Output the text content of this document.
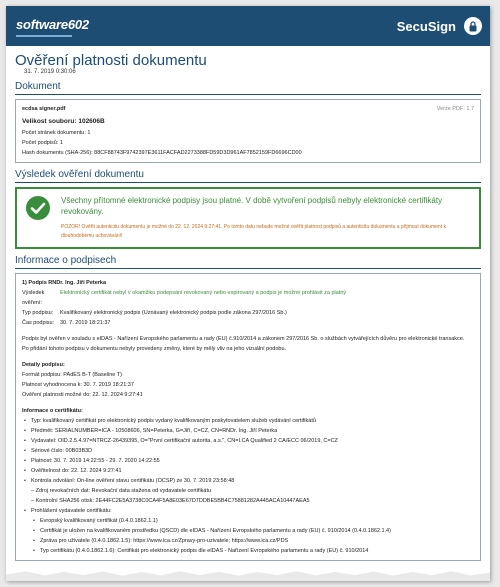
software602	SecuSign
Ověření platnosti dokumentu
31. 7. 2019 0:30:06
Dokument
ecdsa signer.pdf	Verze PDF: 1.7
Velikost souboru: 102606B
Počet stránek dokumentu: 1
Počet podpisů: 1
Hash dokumentu (SHA-256): 88CF88743F9742397E3611FACFAD2273388FD59D3D961AF7852159FD6696CD00
Výsledek ověření dokumentu
Všechny přítomné elektronické podpisy jsou platné. V době vytvoření podpisů nebyly elektronické certifikáty revokovány.
POZOR! Ověřit autenticitu dokumentu je možné do 22. 12. 2024 9:27:41. Po tomto datu nebude možné ověřit platnost podpisů a autenticitu dokumentu a přijmout dokument k dlouhodobému uchovávání!
Informace o podpisech
1) Podpis RNDr. Ing. Jiří Peterka
Výsledek ověření:
Elektronický certifikát nebyl v okamžiku podepsání revokovaný nebo expirovaný a podpis je možné prohlásit za platný
Typ podpisu:	Kvalifikovaný elektronický podpis (Uznávaný elektronický podpis podle zákona 297/2016 Sb.)
Čas podpisu:	30. 7. 2019 18:21:37
Podpis byl ověřen v souladu s eIDAS - Nařízení Evropského parlamentu a rady (EU) č.910/2014 a zákonem 297/2016 Sb. o službách vytvářejících důvěru pro elektronické transakce.
Po přidání tohoto podpisu v dokumentu nebyly provedeny změny, které by měly vliv na jeho vizuální podobu.
Detaily podpisu:
Formát podpisu: PAdES B-T (Baseline T)
Platnost vyhodnocena k: 30. 7. 2019 18:21:37
Ověření platnosti možné do: 22. 12. 2024 9:27:41
Informace o certifikátu:
• Typ: kvalifikovaný certifikát pro elektronický podpis vydaný kvalifikovaným poskytovatelem služeb vydávání certifikátů
• Předmět: SERIALNUMBER=ICA - 10508606, SN=Peterka, G=Jiří, C=CZ, CN=RNDr. Ing. Jiří Peterka
• Vydavatel: OID.2.5.4.97=NTRCZ-26439395, O="První certifikační autorita, a.s.", CN=I.CA Qualified 2 CA/ECC 06/2019, C=CZ
• Sériové číslo: 00B03B3D
• Platnost: 30. 7. 2019 14:22:55 - 29. 7. 2020 14:22:55
• Ověřitelnost do: 22. 12. 2024 9:27:41
• Kontrola odvolání: On-line ověření stavu certifikátu (OCSP) ze 30. 7. 2019 23:58:48
– Zdroj revokačních dat: Revokační data stažena od vydavatele certifikátu
– Kontrolní SHA256 otisk: 2E44FC2E5A3738C0CA4F5A8E03E67D7DDBE5BB4C75881282A445ACA10447AEA5
• Prohlášení vydavatele certifikátu:
• Evropský kvalifikovaný certifikát (0.4.0.1862.1.1)
• Certifikát je uložen na kvalifikovaném prostředku (QSCD) dle eIDAS - Nařízení Evropského parlamentu a rady (EU) č. 910/2014 (0.4.0.1862.1.4)
• Zpráva pro uživatele (0.4.0.1862.1.5): https://www.ica.cz/Zpravy-pro-uzivatele; https://www.ica.cz/PDS
• Typ certifikátu (0.4.0.1862.1.6): Certifikát pro elektronický podpis dle eIDAS - Nařízení Evropského parlamentu a rady (EU) č. 910/2014
